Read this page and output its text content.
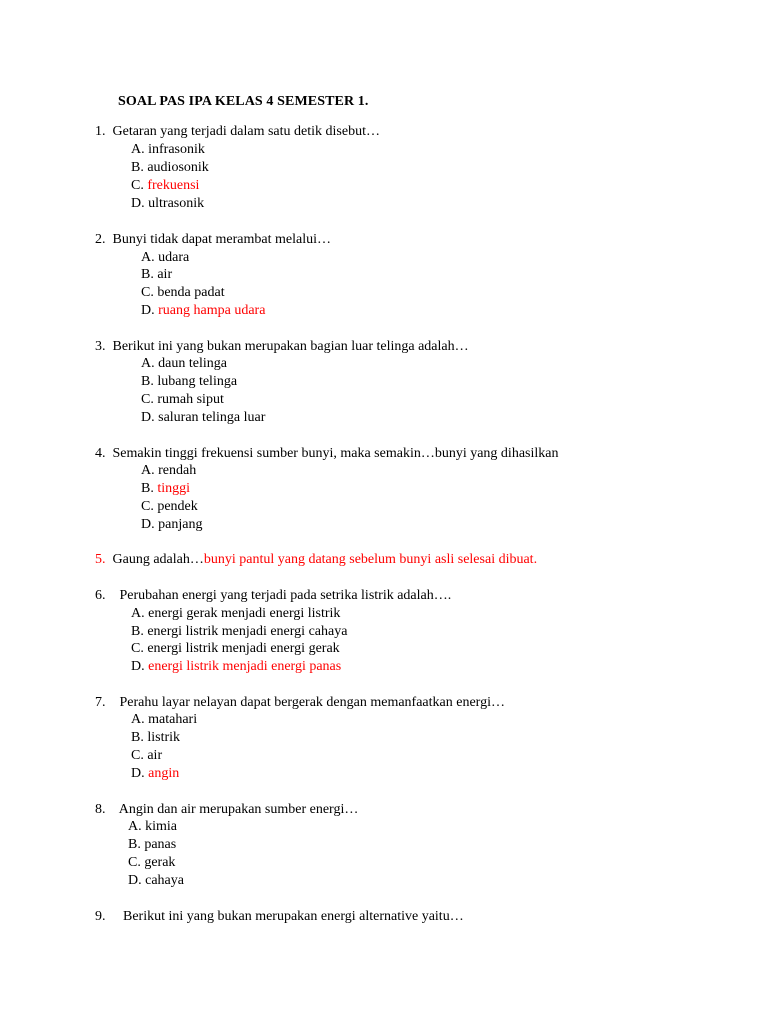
SOAL PAS IPA KELAS 4 SEMESTER 1.
1. Getaran yang terjadi dalam satu detik disebut…
A. infrasonik
B. audiosonik
C. frekuensi
D. ultrasonik
2. Bunyi tidak dapat merambat melalui…
A. udara
B. air
C. benda padat
D. ruang hampa udara
3. Berikut ini yang bukan merupakan bagian luar telinga adalah…
A. daun telinga
B. lubang telinga
C. rumah siput
D. saluran telinga luar
4. Semakin tinggi frekuensi sumber bunyi, maka semakin…bunyi yang dihasilkan
A. rendah
B. tinggi
C. pendek
D. panjang
5. Gaung adalah…bunyi pantul yang datang sebelum bunyi asli selesai dibuat.
6. Perubahan energi yang terjadi pada setrika listrik adalah….
A. energi gerak menjadi energi listrik
B. energi listrik menjadi energi cahaya
C. energi listrik menjadi energi gerak
D. energi listrik menjadi energi panas
7. Perahu layar nelayan dapat bergerak dengan memanfaatkan energi…
A. matahari
B. listrik
C. air
D. angin
8. Angin dan air merupakan sumber energi…
A. kimia
B. panas
C. gerak
D. cahaya
9. Berikut ini yang bukan merupakan energi alternative yaitu…
